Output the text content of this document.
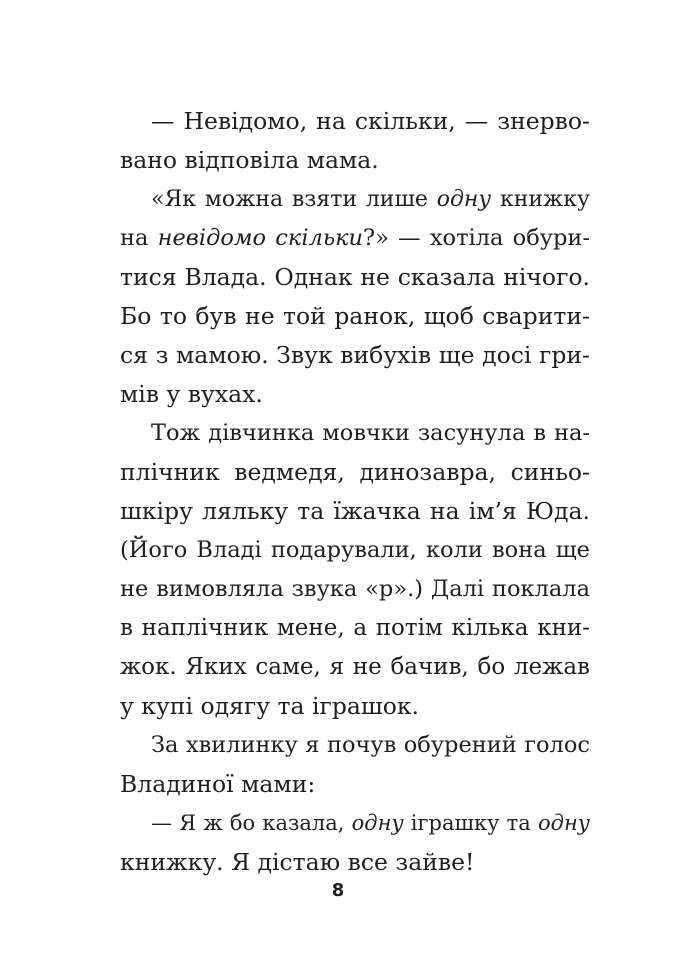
— Невідомо, на скільки, — знерво-
вано відповіла мама.
«Як можна взяти лише одну книжку
на невідомо скільки?» — хотіла обури-
тися Влада. Однак не сказала нічого.
Бо то був не той ранок, щоб сварити-
ся з мамою. Звук вибухів ще досі гри-
мів у вухах.
Тож дівчинка мовчки засунула в на-
плічник ведмедя, динозавра, синьо-
шкіру ляльку та їжачка на ім’я Юда.
(Його Владі подарували, коли вона ще
не вимовляла звука «р».) Далі поклала
в наплічник мене, а потім кілька кни-
жок. Яких саме, я не бачив, бо лежав
у купі одягу та іграшок.
За хвилинку я почув обурений голос
Владиної мами:
— Я ж бо казала, одну іграшку та одну
книжку. Я дістаю все зайве!
8
